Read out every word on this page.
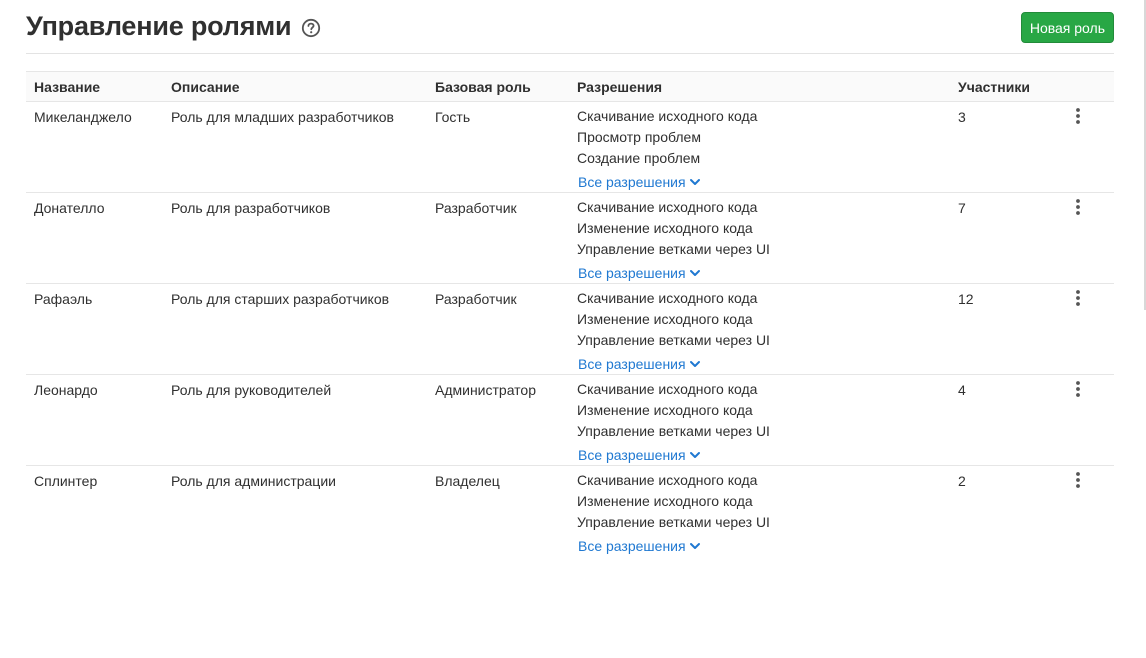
Управление ролями	Новая роль
Название	Описание	Базовая роль	Разрешения	Участники	
Микеланджело	Роль для младших разработчиков	Гость	Скачивание исходного кода
Просмотр проблем
Создание проблем
Все разрешения	3	

Донателло	Роль для разработчиков	Разработчик	Скачивание исходного кода
Изменение исходного кода
Управление ветками через UI
Все разрешения	7	

Рафаэль	Роль для старших разработчиков	Разработчик	Скачивание исходного кода
Изменение исходного кода
Управление ветками через UI
Все разрешения	12	

Леонардо	Роль для руководителей	Администратор	Скачивание исходного кода
Изменение исходного кода
Управление ветками через UI
Все разрешения	4	

Сплинтер	Роль для администрации	Владелец	Скачивание исходного кода
Изменение исходного кода
Управление ветками через UI
Все разрешения	2	
